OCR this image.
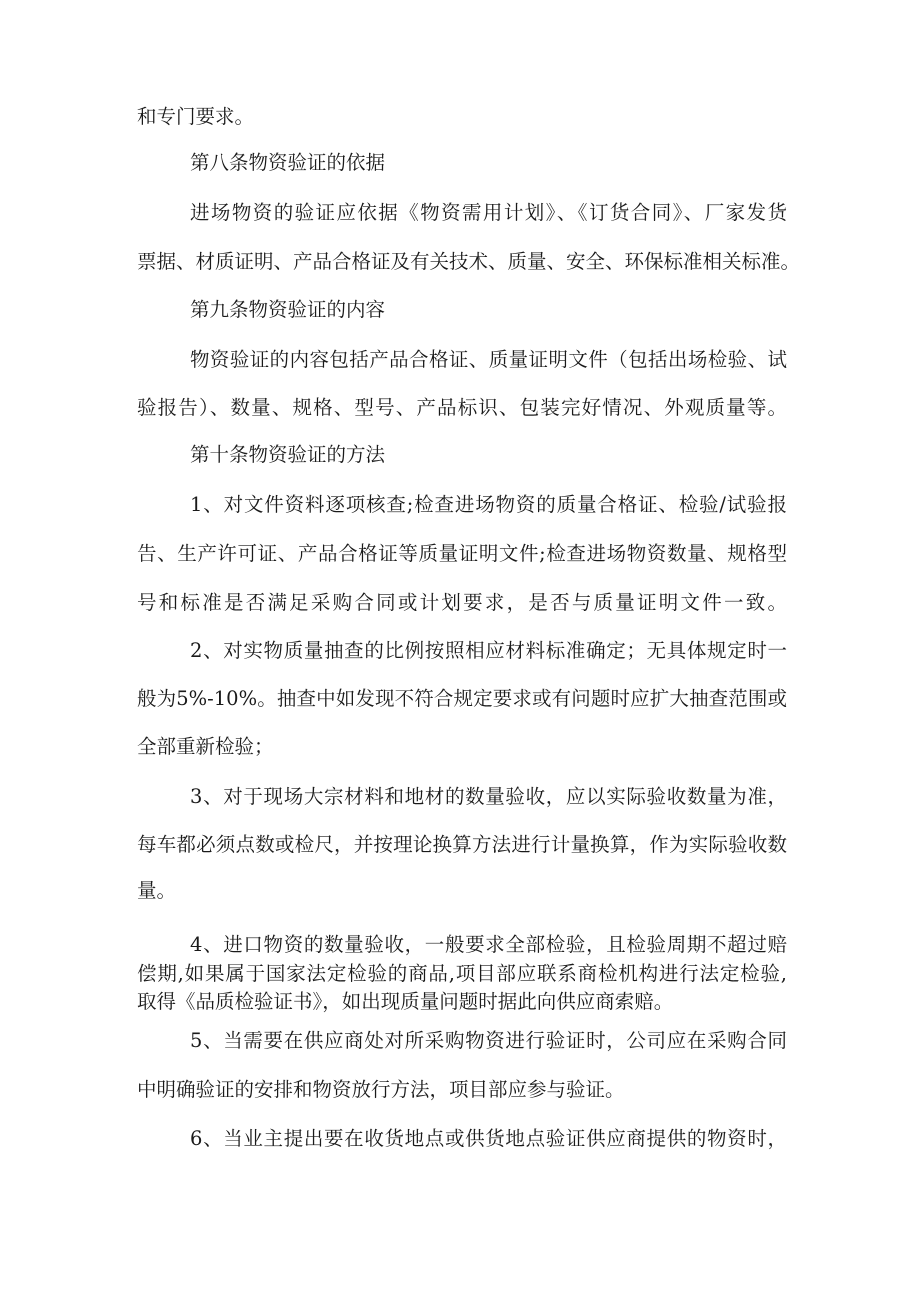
和专门要求。
第八条物资验证的依据
进场物资的验证应依据《物资需用计划》、《订货合同》、厂家发货
票据、材质证明、产品合格证及有关技术、质量、安全、环保标准相关标准。
第九条物资验证的内容
物资验证的内容包括产品合格证、质量证明文件（包括出场检验、试
验报告）、数量、规格、型号、产品标识、包装完好情况、外观质量等。
第十条物资验证的方法
1、对文件资料逐项核查;检查进场物资的质量合格证、检验/试验报
告、生产许可证、产品合格证等质量证明文件;检查进场物资数量、规格型
号和标准是否满足采购合同或计划要求，是否与质量证明文件一致。
2、对实物质量抽查的比例按照相应材料标准确定；无具体规定时一
般为5%-10%。抽查中如发现不符合规定要求或有问题时应扩大抽查范围或
全部重新检验；
3、对于现场大宗材料和地材的数量验收，应以实际验收数量为准，
每车都必须点数或检尺，并按理论换算方法进行计量换算，作为实际验收数
量。
4、进口物资的数量验收，一般要求全部检验，且检验周期不超过赔
偿期,如果属于国家法定检验的商品,项目部应联系商检机构进行法定检验,
取得《品质检验证书》，如出现质量问题时据此向供应商索赔。
5、当需要在供应商处对所采购物资进行验证时，公司应在采购合同
中明确验证的安排和物资放行方法，项目部应参与验证。
6、当业主提出要在收货地点或供货地点验证供应商提供的物资时，
